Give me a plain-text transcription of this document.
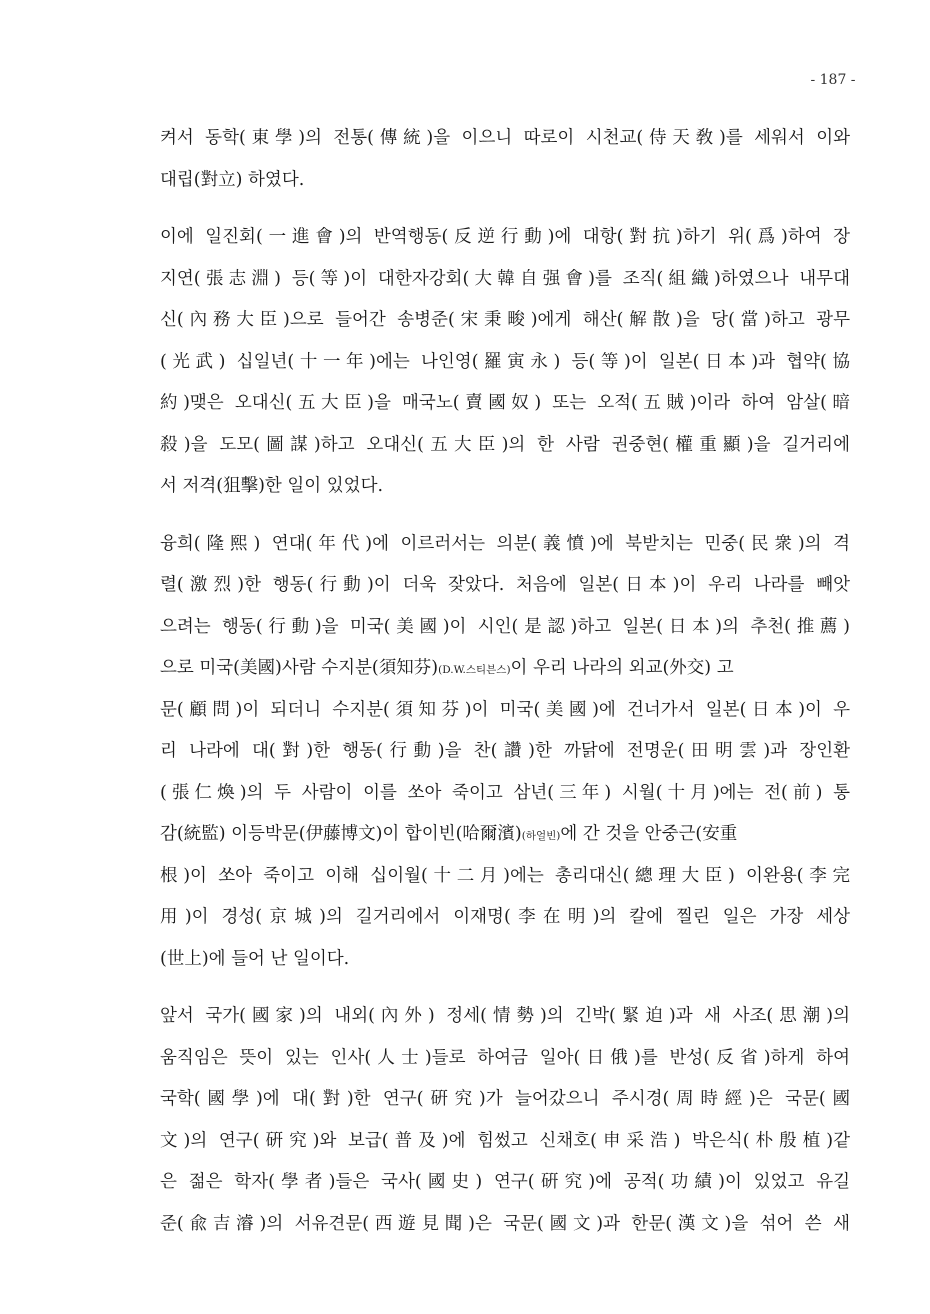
- 187 -
켜서 동학(東學)의 전통(傳統)을 이으니 따로이 시천교(侍天敎)를 세워서 이와
대립(對立) 하였다.
이에 일진회(一進會)의 반역행동(反逆行動)에 대항(對抗)하기 위(爲)하여 장
지연(張志淵) 등(等)이 대한자강회(大韓自强會)를 조직(組織)하였으나 내무대
신(內務大臣)으로 들어간 송병준(宋秉畯)에게 해산(解散)을 당(當)하고 광무
(光武) 십일년(十一年)에는 나인영(羅寅永) 등(等)이 일본(日本)과 협약(協
約)맺은 오대신(五大臣)을 매국노(賣國奴) 또는 오적(五賊)이라 하여 암살(暗
殺)을 도모(圖謀)하고 오대신(五大臣)의 한 사람 권중현(權重顯)을 길거리에
서 저격(狙擊)한 일이 있었다.
융희(隆熙) 연대(年代)에 이르러서는 의분(義憤)에 북받치는 민중(民衆)의 격
렬(激烈)한 행동(行動)이 더욱 잦았다. 처음에 일본(日本)이 우리 나라를 빼앗
으려는 행동(行動)을 미국(美國)이 시인(是認)하고 일본(日本)의 추천(推薦)
으로 미국(美國)사람 수지분(須知芬)(D.W.스티븐스)이 우리 나라의 외교(外交) 고
문(顧問)이 되더니 수지분(須知芬)이 미국(美國)에 건너가서 일본(日本)이 우
리 나라에 대(對)한 행동(行動)을 찬(讚)한 까닭에 전명운(田明雲)과 장인환
(張仁煥)의 두 사람이 이를 쏘아 죽이고 삼년(三年) 시월(十月)에는 전(前) 통
감(統監) 이등박문(伊藤博文)이 합이빈(哈爾濱)(하얼빈)에 간 것을 안중근(安重
根)이 쏘아 죽이고 이해 십이월(十二月)에는 총리대신(總理大臣) 이완용(李完
用)이 경성(京城)의 길거리에서 이재명(李在明)의 칼에 찔린 일은 가장 세상
(世上)에 들어 난 일이다.
앞서 국가(國家)의 내외(內外) 정세(情勢)의 긴박(緊迫)과 새 사조(思潮)의
움직임은 뜻이 있는 인사(人士)들로 하여금 일아(日俄)를 반성(反省)하게 하여
국학(國學)에 대(對)한 연구(硏究)가 늘어갔으니 주시경(周時經)은 국문(國
文)의 연구(硏究)와 보급(普及)에 힘썼고 신채호(申采浩) 박은식(朴殷植)같
은 젊은 학자(學者)들은 국사(國史) 연구(硏究)에 공적(功績)이 있었고 유길
준(兪吉濬)의 서유견문(西遊見聞)은 국문(國文)과 한문(漢文)을 섞어 쓴 새
